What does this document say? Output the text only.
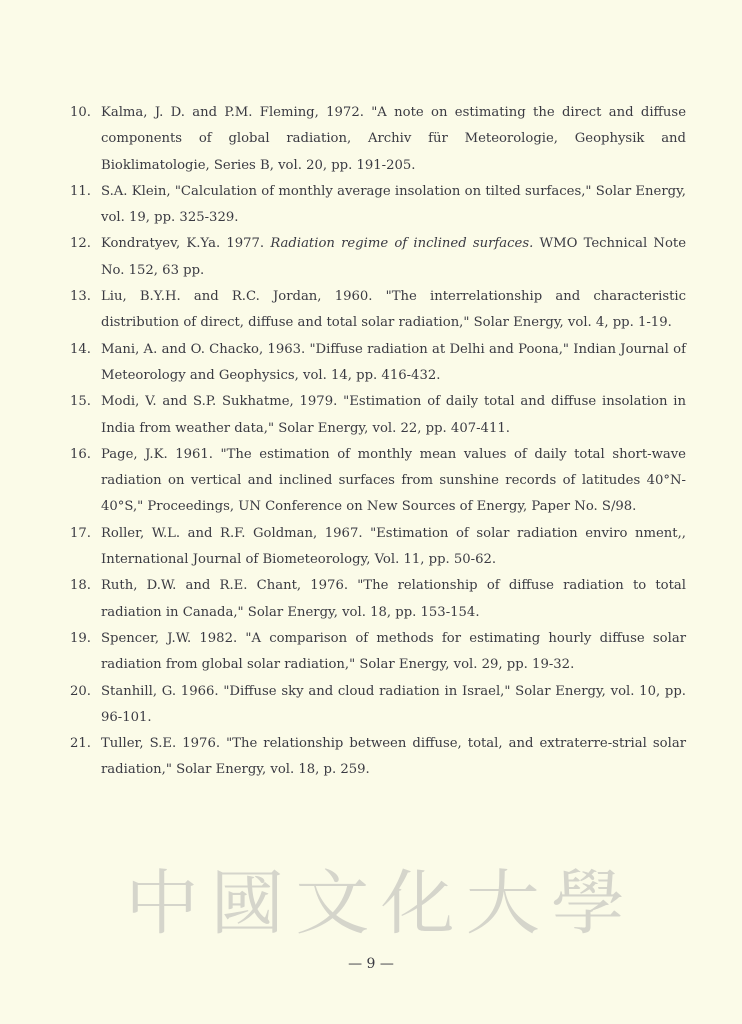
10. Kalma, J. D. and P.M. Fleming, 1972. "A note on estimating the direct and diffuse components of global radiation, Archiv für Meteorologie, Geophysik and Bioklimatologie, Series B, vol. 20, pp. 191-205.
11. S.A. Klein, "Calculation of monthly average insolation on tilted surfaces," Solar Energy, vol. 19, pp. 325-329.
12. Kondratyev, K.Ya. 1977. Radiation regime of inclined surfaces. WMO Technical Note No. 152, 63 pp.
13. Liu, B.Y.H. and R.C. Jordan, 1960. "The interrelationship and characteristic distribution of direct, diffuse and total solar radiation," Solar Energy, vol. 4, pp. 1-19.
14. Mani, A. and O. Chacko, 1963. "Diffuse radiation at Delhi and Poona," Indian Journal of Meteorology and Geophysics, vol. 14, pp. 416-432.
15. Modi, V. and S.P. Sukhatme, 1979. "Estimation of daily total and diffuse insolation in India from weather data," Solar Energy, vol. 22, pp. 407-411.
16. Page, J.K. 1961. "The estimation of monthly mean values of daily total short-wave radiation on vertical and inclined surfaces from sunshine records of latitudes 40°N-40°S," Proceedings, UN Conference on New Sources of Energy, Paper No. S/98.
17. Roller, W.L. and R.F. Goldman, 1967. "Estimation of solar radiation enviro nment,, International Journal of Biometeorology, Vol. 11, pp. 50-62.
18. Ruth, D.W. and R.E. Chant, 1976. "The relationship of diffuse radiation to total radiation in Canada," Solar Energy, vol. 18, pp. 153-154.
19. Spencer, J.W. 1982. "A comparison of methods for estimating hourly diffuse solar radiation from global solar radiation," Solar Energy, vol. 29, pp. 19-32.
20. Stanhill, G. 1966. "Diffuse sky and cloud radiation in Israel," Solar Energy, vol. 10, pp. 96-101.
21. Tuller, S.E. 1976. "The relationship between diffuse, total, and extraterre-strial solar radiation," Solar Energy, vol. 18, p. 259.
中 國 文 化 大 學
— 9 —
